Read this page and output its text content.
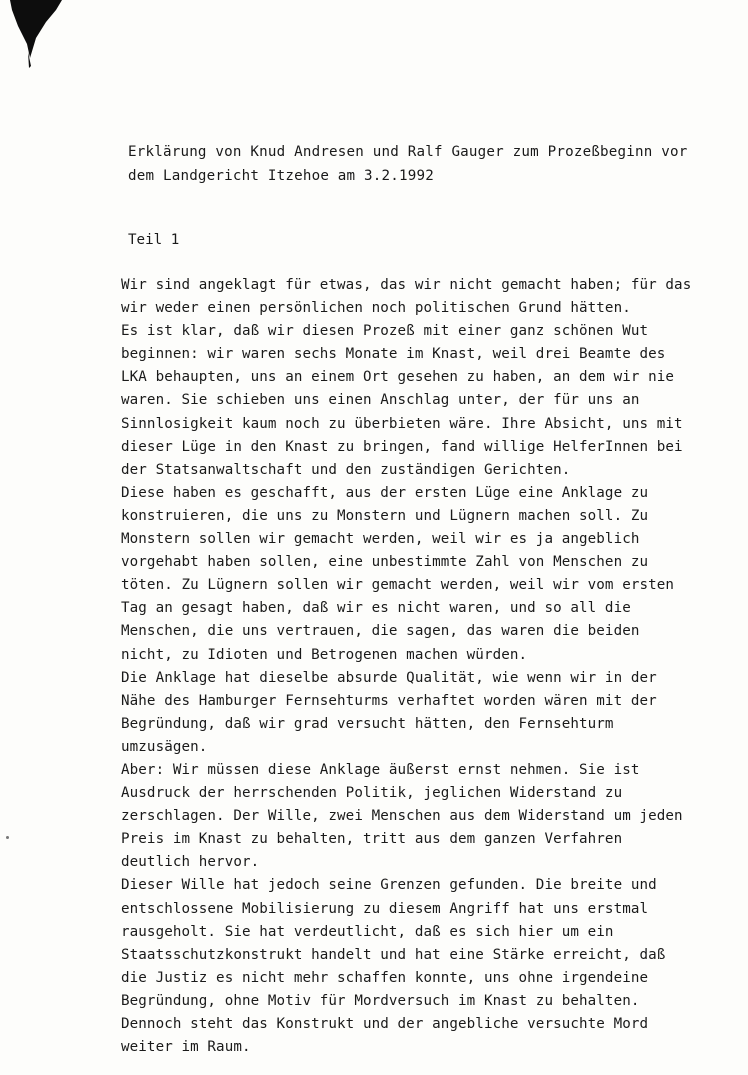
Erklärung von Knud Andresen und Ralf Gauger zum Prozeßbeginn vor
dem Landgericht Itzehoe am 3.2.1992
Teil 1
Wir sind angeklagt für etwas, das wir nicht gemacht haben; für das
wir weder einen persönlichen noch politischen Grund hätten.
Es ist klar, daß wir diesen Prozeß mit einer ganz schönen Wut
beginnen: wir waren sechs Monate im Knast, weil drei Beamte des
LKA behaupten, uns an einem Ort gesehen zu haben, an dem wir nie
waren. Sie schieben uns einen Anschlag unter, der für uns an
Sinnlosigkeit kaum noch zu überbieten wäre. Ihre Absicht, uns mit
dieser Lüge in den Knast zu bringen, fand willige HelferInnen bei
der Statsanwaltschaft und den zuständigen Gerichten.
Diese haben es geschafft, aus der ersten Lüge eine Anklage zu
konstruieren, die uns zu Monstern und Lügnern machen soll. Zu
Monstern sollen wir gemacht werden, weil wir es ja angeblich
vorgehabt haben sollen, eine unbestimmte Zahl von Menschen zu
töten. Zu Lügnern sollen wir gemacht werden, weil wir vom ersten
Tag an gesagt haben, daß wir es nicht waren, und so all die
Menschen, die uns vertrauen, die sagen, das waren die beiden
nicht, zu Idioten und Betrogenen machen würden.
Die Anklage hat dieselbe absurde Qualität, wie wenn wir in der
Nähe des Hamburger Fernsehturms verhaftet worden wären mit der
Begründung, daß wir grad versucht hätten, den Fernsehturm
umzusägen.
Aber: Wir müssen diese Anklage äußerst ernst nehmen. Sie ist
Ausdruck der herrschenden Politik, jeglichen Widerstand zu
zerschlagen. Der Wille, zwei Menschen aus dem Widerstand um jeden
Preis im Knast zu behalten, tritt aus dem ganzen Verfahren
deutlich hervor.
Dieser Wille hat jedoch seine Grenzen gefunden. Die breite und
entschlossene Mobilisierung zu diesem Angriff hat uns erstmal
rausgeholt. Sie hat verdeutlicht, daß es sich hier um ein
Staatsschutzkonstrukt handelt und hat eine Stärke erreicht, daß
die Justiz es nicht mehr schaffen konnte, uns ohne irgendeine
Begründung, ohne Motiv für Mordversuch im Knast zu behalten.
Dennoch steht das Konstrukt und der angebliche versuchte Mord
weiter im Raum.
